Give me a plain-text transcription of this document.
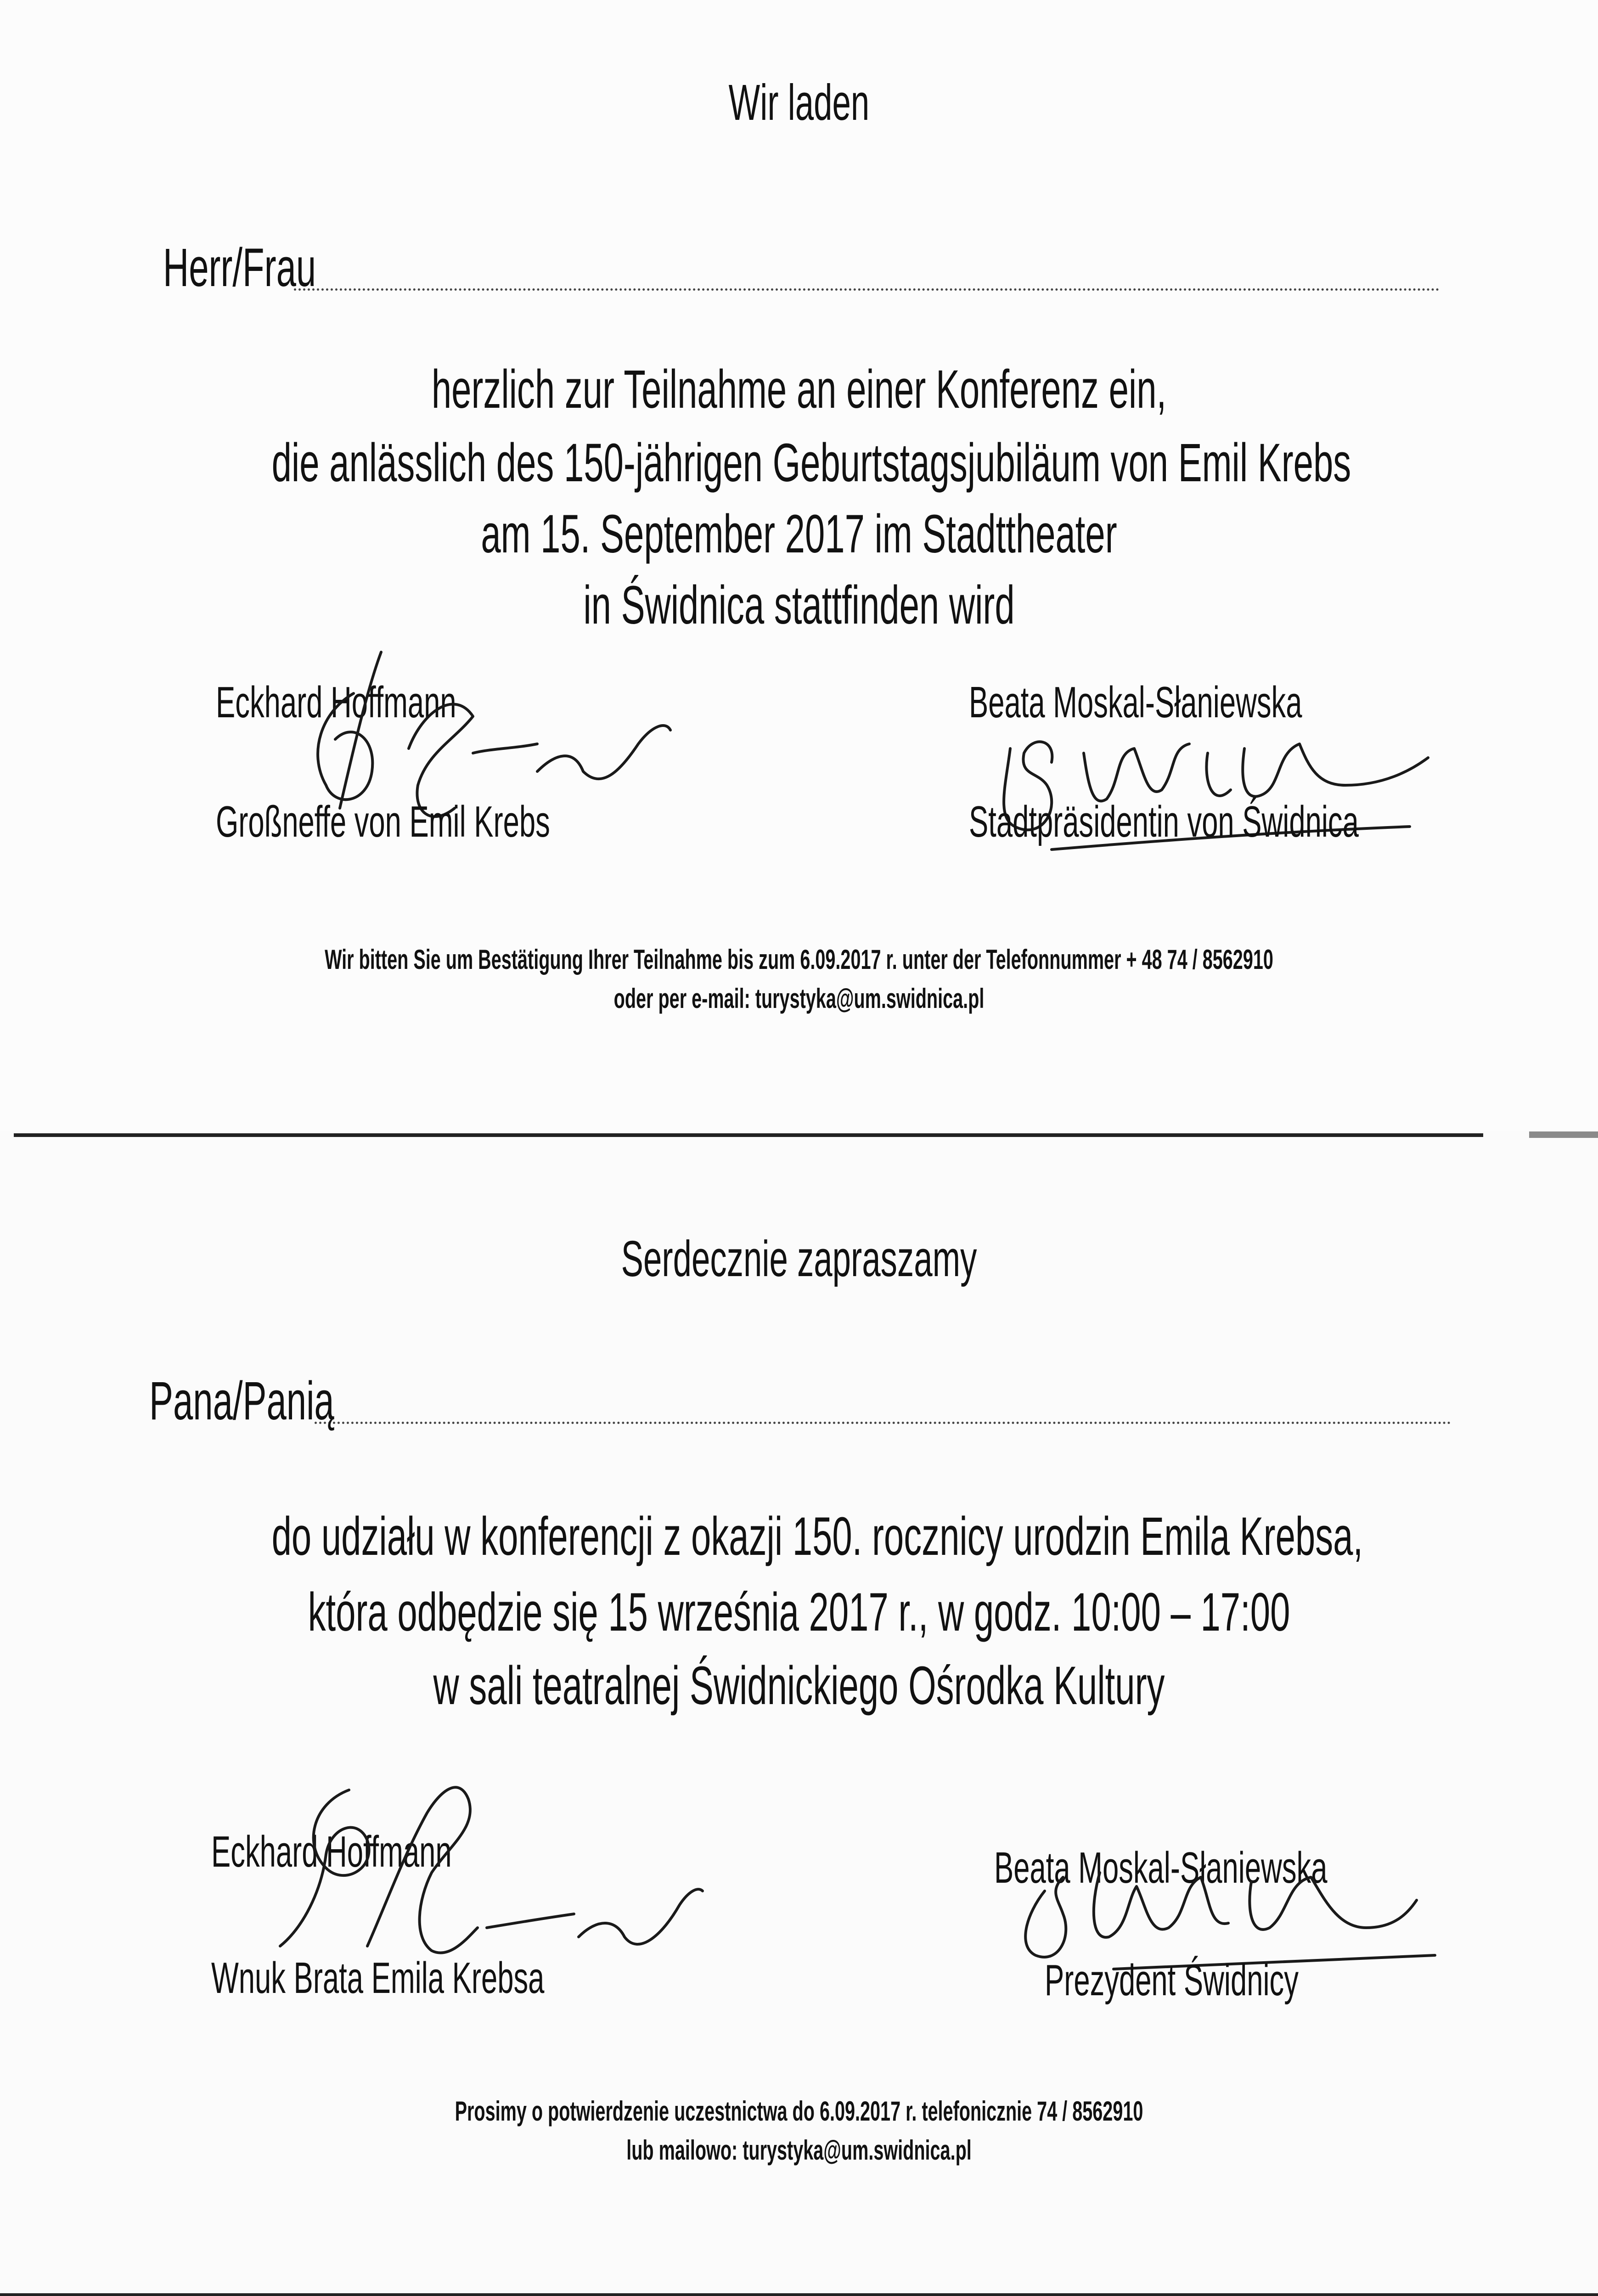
Wir laden
Herr/Frau
herzlich zur Teilnahme an einer Konferenz ein,
die anlässlich des 150-jährigen Geburtstagsjubiläum von Emil Krebs
am 15. September 2017 im Stadttheater
in Świdnica stattfinden wird
Eckhard Hoffmann
Großneffe von Emil Krebs
Beata Moskal-Słaniewska
Stadtpräsidentin von Świdnica
Wir bitten Sie um Bestätigung Ihrer Teilnahme bis zum 6.09.2017 r. unter der Telefonnummer + 48 74 / 8562910
oder per e-mail: turystyka@um.swidnica.pl
Serdecznie zapraszamy
Pana/Panią
do udziału w konferencji z okazji 150. rocznicy urodzin Emila Krebsa,
która odbędzie się 15 września 2017 r., w godz. 10:00 – 17:00
w sali teatralnej Świdnickiego Ośrodka Kultury
Eckhard Hoffmann
Wnuk Brata Emila Krebsa
Beata Moskal-Słaniewska
Prezydent Świdnicy
Prosimy o potwierdzenie uczestnictwa do 6.09.2017 r. telefonicznie 74 / 8562910
lub mailowo: turystyka@um.swidnica.pl
